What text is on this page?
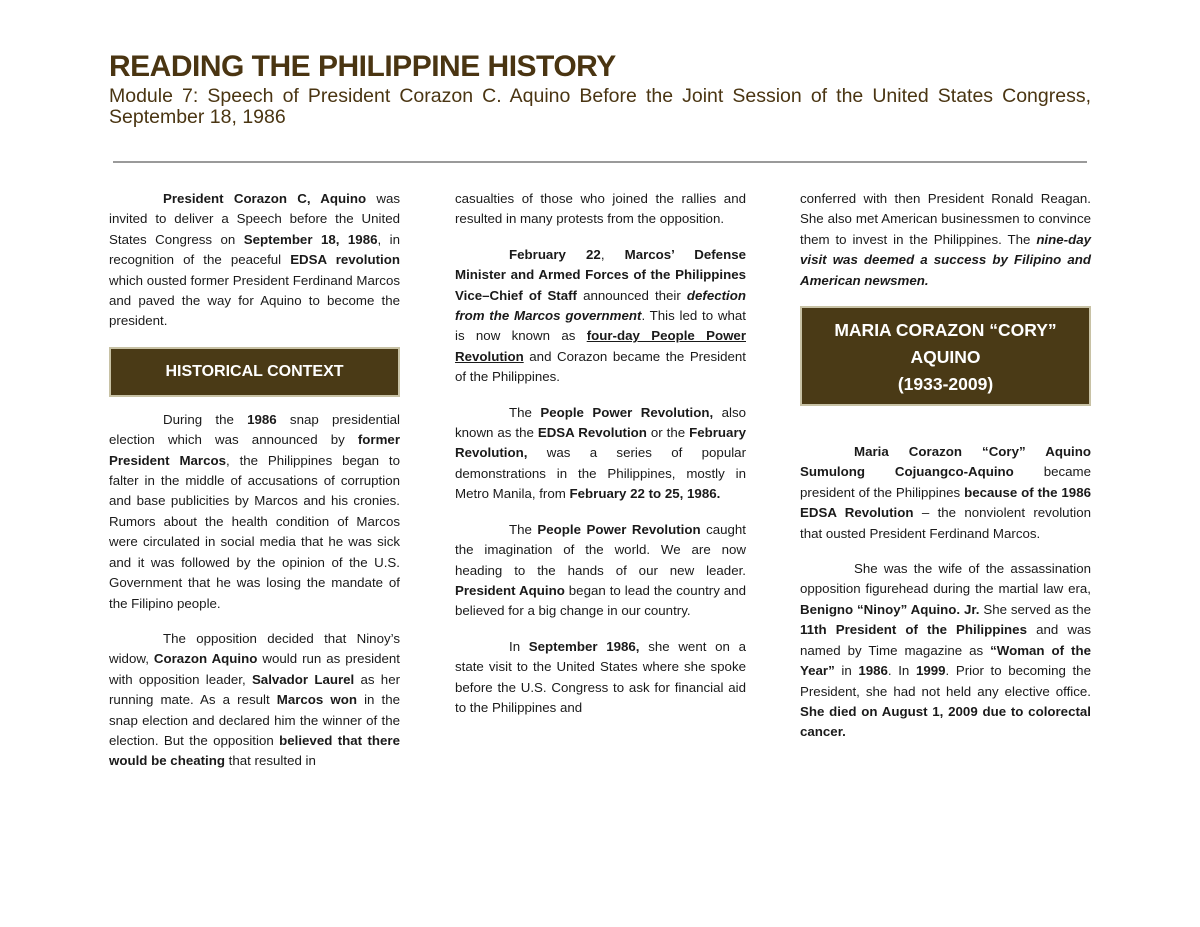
READING THE PHILIPPINE HISTORY

Module 7: Speech of President Corazon C. Aquino Before the Joint Session of the United States Congress, September 18, 1986

President Corazon C, Aquino was invited to deliver a Speech before the United States Congress on September 18, 1986, in recognition of the peaceful EDSA revolution which ousted former President Ferdinand Marcos and paved the way for Aquino to become the president.

HISTORICAL CONTEXT

During the 1986 snap presidential election which was announced by former President Marcos, the Philippines began to falter in the middle of accusations of corruption and base publicities by Marcos and his cronies. Rumors about the health condition of Marcos were circulated in social media that he was sick and it was followed by the opinion of the U.S. Government that he was losing the mandate of the Filipino people.

The opposition decided that Ninoy’s widow, Corazon Aquino would run as president with opposition leader, Salvador Laurel as her running mate. As a result Marcos won in the snap election and declared him the winner of the election. But the opposition believed that there would be cheating that resulted in

casualties of those who joined the rallies and resulted in many protests from the opposition.

February 22, Marcos’ Defense Minister and Armed Forces of the Philippines Vice–Chief of Staff announced their defection from the Marcos government. This led to what is now known as four-day People Power Revolution and Corazon became the President of the Philippines.

The People Power Revolution, also known as the EDSA Revolution or the February Revolution, was a series of popular demonstrations in the Philippines, mostly in Metro Manila, from February 22 to 25, 1986.

The People Power Revolution caught the imagination of the world. We are now heading to the hands of our new leader. President Aquino began to lead the country and believed for a big change in our country.

In September 1986, she went on a state visit to the United States where she spoke before the U.S. Congress to ask for financial aid to the Philippines and

conferred with then President Ronald Reagan. She also met American businessmen to convince them to invest in the Philippines. The nine-day visit was deemed a success by Filipino and American newsmen.

MARIA CORAZON “CORY”
AQUINO
(1933-2009)

Maria Corazon “Cory” Aquino Sumulong Cojuangco-Aquino became president of the Philippines because of the 1986 EDSA Revolution – the nonviolent revolution that ousted President Ferdinand Marcos.

She was the wife of the assassination opposition figurehead during the martial law era, Benigno “Ninoy” Aquino. Jr. She served as the 11th President of the Philippines and was named by Time magazine as “Woman of the Year” in 1986. In 1999. Prior to becoming the President, she had not held any elective office. She died on August 1, 2009 due to colorectal cancer.
